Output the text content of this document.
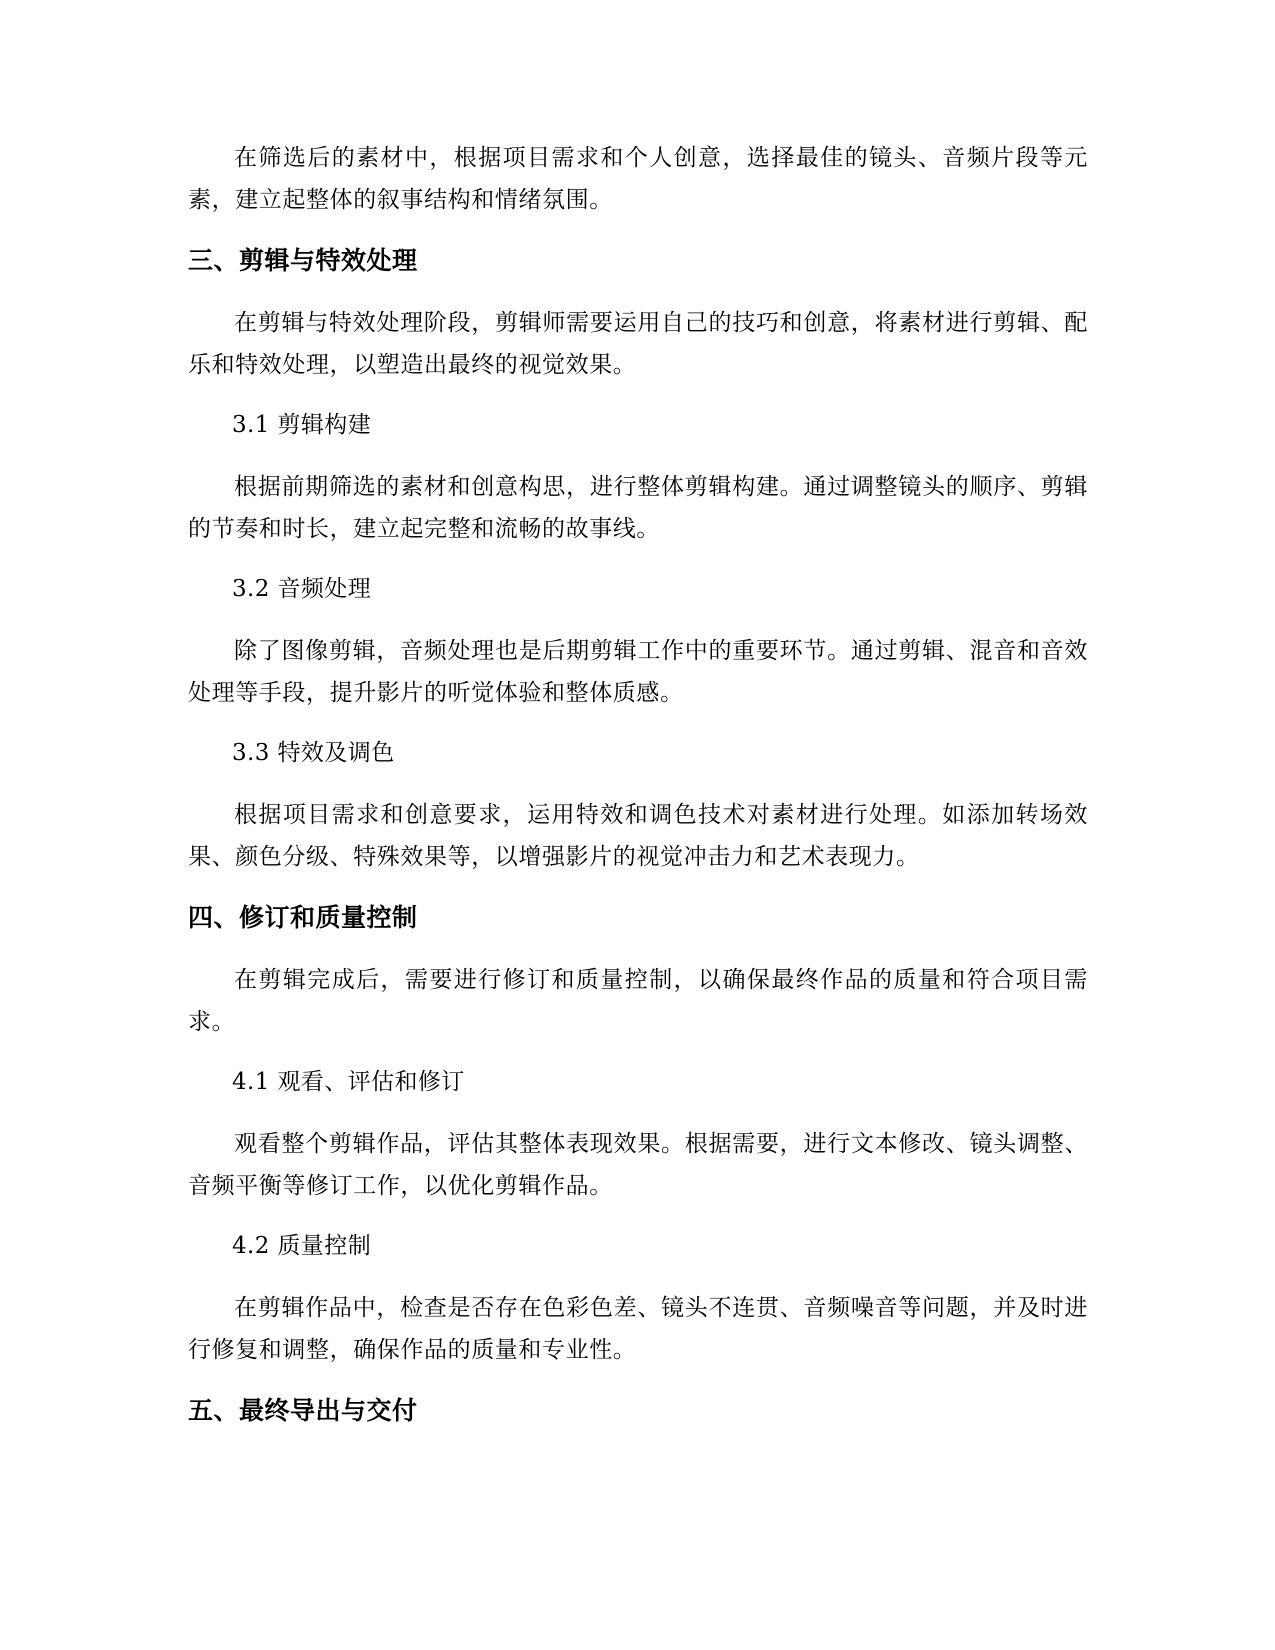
在筛选后的素材中，根据项目需求和个人创意，选择最佳的镜头、音频片段等元素，建立起整体的叙事结构和情绪氛围。

三、剪辑与特效处理

在剪辑与特效处理阶段，剪辑师需要运用自己的技巧和创意，将素材进行剪辑、配乐和特效处理，以塑造出最终的视觉效果。

3.1 剪辑构建

根据前期筛选的素材和创意构思，进行整体剪辑构建。通过调整镜头的顺序、剪辑的节奏和时长，建立起完整和流畅的故事线。

3.2 音频处理

除了图像剪辑，音频处理也是后期剪辑工作中的重要环节。通过剪辑、混音和音效处理等手段，提升影片的听觉体验和整体质感。

3.3 特效及调色

根据项目需求和创意要求，运用特效和调色技术对素材进行处理。如添加转场效果、颜色分级、特殊效果等，以增强影片的视觉冲击力和艺术表现力。

四、修订和质量控制

在剪辑完成后，需要进行修订和质量控制，以确保最终作品的质量和符合项目需求。

4.1 观看、评估和修订

观看整个剪辑作品，评估其整体表现效果。根据需要，进行文本修改、镜头调整、音频平衡等修订工作，以优化剪辑作品。

4.2 质量控制

在剪辑作品中，检查是否存在色彩色差、镜头不连贯、音频噪音等问题，并及时进行修复和调整，确保作品的质量和专业性。

五、最终导出与交付
